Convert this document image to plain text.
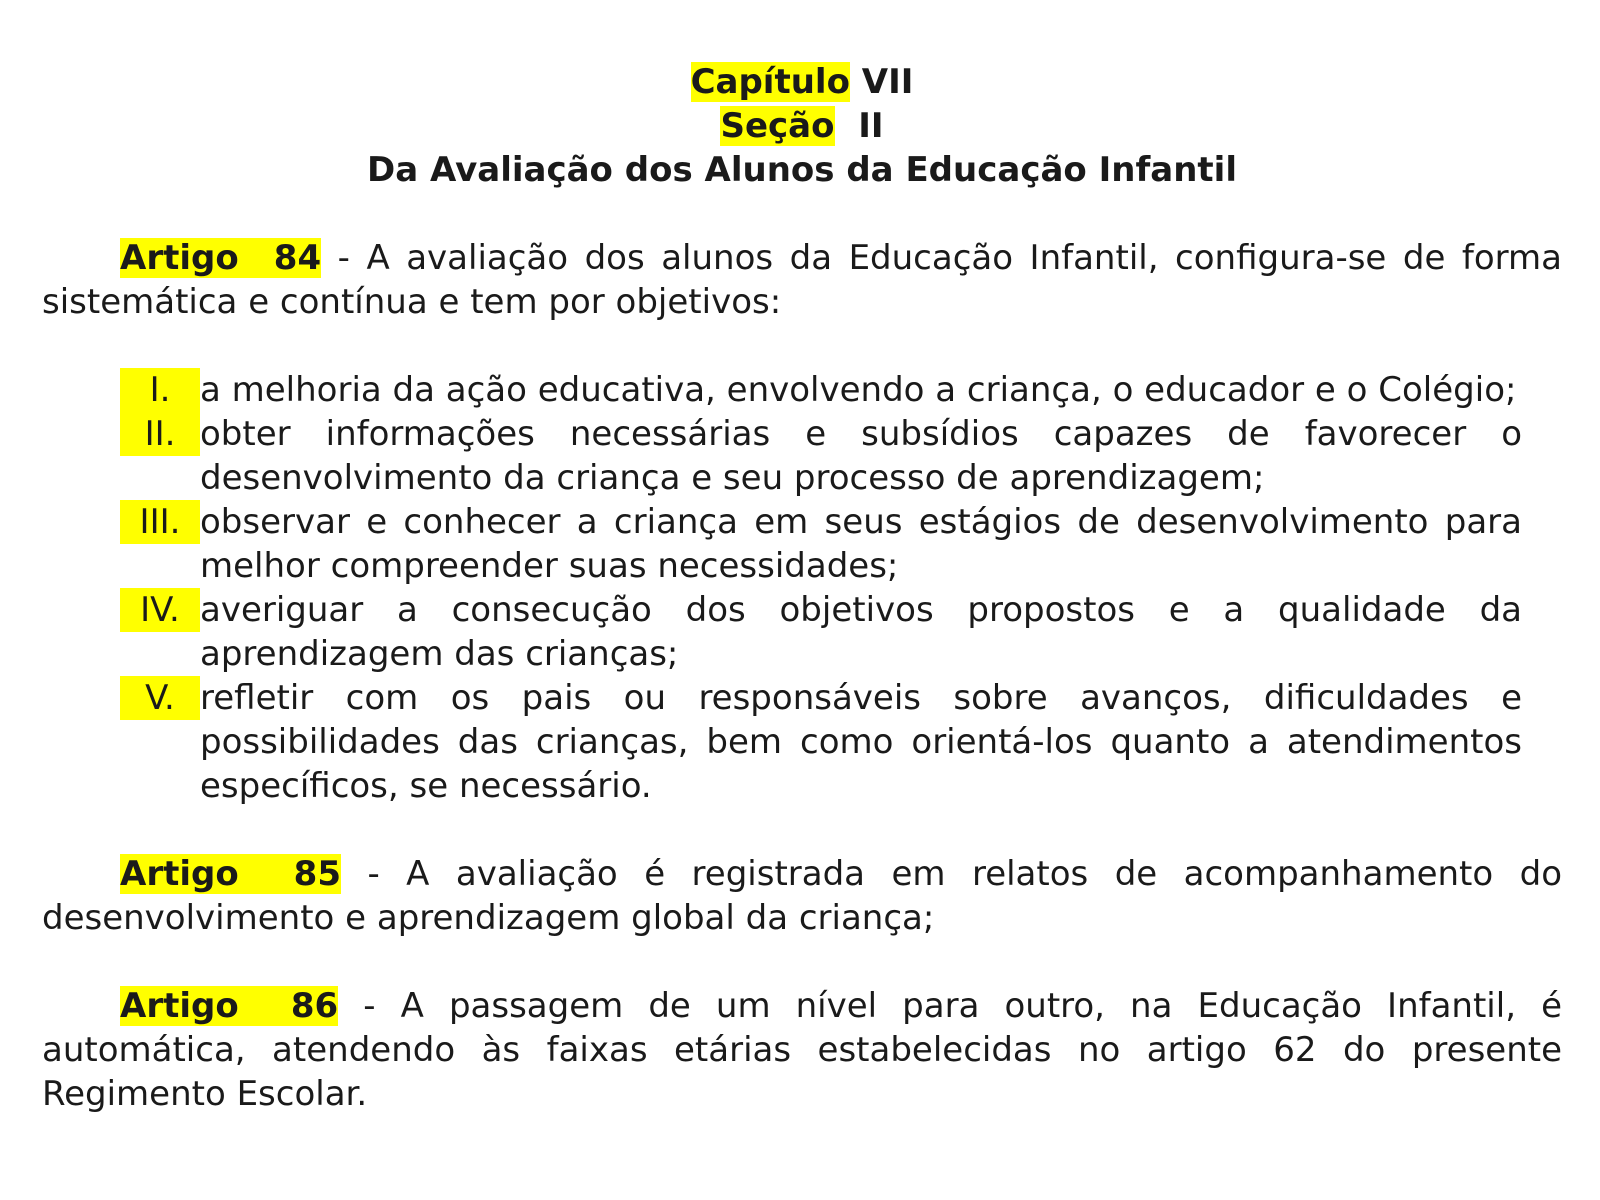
Capítulo VII

Seção II

Da Avaliação dos Alunos da Educação Infantil

Artigo 84 - A avaliação dos alunos da Educação Infantil, configura-se de forma sistemática e contínua e tem por objetivos:

I. a melhoria da ação educativa, envolvendo a criança, o educador e o Colégio;

II. obter informações necessárias e subsídios capazes de favorecer o desenvolvimento da criança e seu processo de aprendizagem;

III. observar e conhecer a criança em seus estágios de desenvolvimento para melhor compreender suas necessidades;

IV. averiguar a consecução dos objetivos propostos e a qualidade da aprendizagem das crianças;

V. refletir com os pais ou responsáveis sobre avanços, dificuldades e possibilidades das crianças, bem como orientá-los quanto a atendimentos específicos, se necessário.

Artigo 85 - A avaliação é registrada em relatos de acompanhamento do desenvolvimento e aprendizagem global da criança;

Artigo 86 - A passagem de um nível para outro, na Educação Infantil, é automática, atendendo às faixas etárias estabelecidas no artigo 62 do presente Regimento Escolar.
